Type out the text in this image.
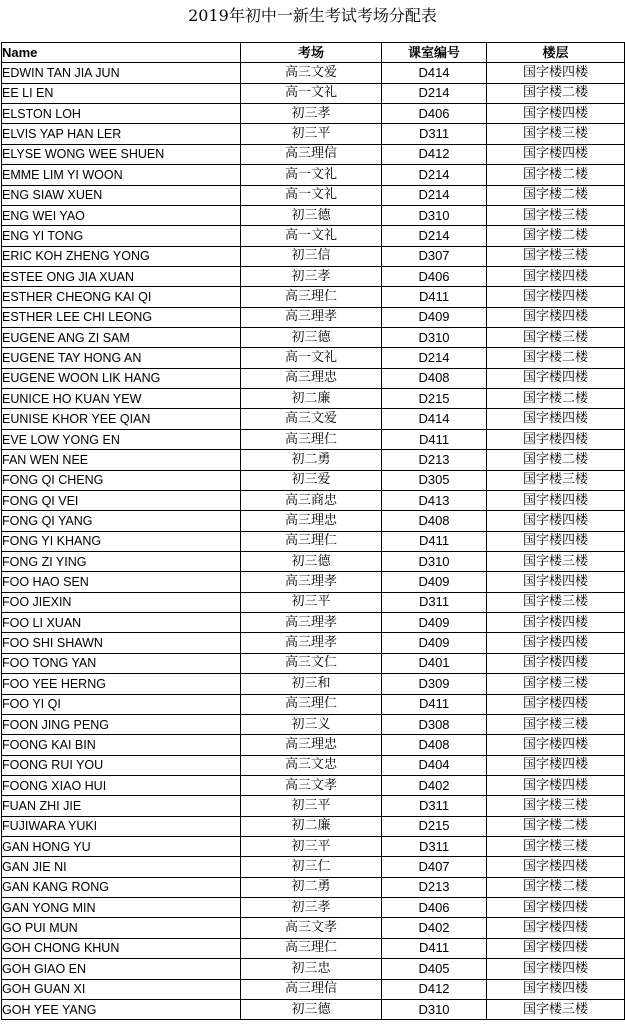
2019年初中一新生考试考场分配表
Name	考场	课室编号	楼层
EDWIN TAN JIA JUN	高三文爱	D414	国字楼四楼
EE LI EN	高一文礼	D214	国字楼二楼
ELSTON LOH	初三孝	D406	国字楼四楼
ELVIS YAP HAN LER	初三平	D311	国字楼三楼
ELYSE WONG WEE SHUEN	高三理信	D412	国字楼四楼
EMME LIM YI WOON	高一文礼	D214	国字楼二楼
ENG SIAW XUEN	高一文礼	D214	国字楼二楼
ENG WEI YAO	初三德	D310	国字楼三楼
ENG YI TONG	高一文礼	D214	国字楼二楼
ERIC KOH ZHENG YONG	初三信	D307	国字楼三楼
ESTEE ONG JIA XUAN	初三孝	D406	国字楼四楼
ESTHER CHEONG KAI QI	高三理仁	D411	国字楼四楼
ESTHER LEE CHI LEONG	高三理孝	D409	国字楼四楼
EUGENE ANG ZI SAM	初三德	D310	国字楼三楼
EUGENE TAY HONG AN	高一文礼	D214	国字楼二楼
EUGENE WOON LIK HANG	高三理忠	D408	国字楼四楼
EUNICE HO KUAN YEW	初二廉	D215	国字楼二楼
EUNISE KHOR YEE QIAN	高三文爱	D414	国字楼四楼
EVE LOW YONG EN	高三理仁	D411	国字楼四楼
FAN WEN NEE	初二勇	D213	国字楼二楼
FONG QI CHENG	初三爱	D305	国字楼三楼
FONG QI VEI	高三商忠	D413	国字楼四楼
FONG QI YANG	高三理忠	D408	国字楼四楼
FONG YI KHANG	高三理仁	D411	国字楼四楼
FONG ZI YING	初三德	D310	国字楼三楼
FOO HAO SEN	高三理孝	D409	国字楼四楼
FOO JIEXIN	初三平	D311	国字楼三楼
FOO LI XUAN	高三理孝	D409	国字楼四楼
FOO SHI SHAWN	高三理孝	D409	国字楼四楼
FOO TONG YAN	高三文仁	D401	国字楼四楼
FOO YEE HERNG	初三和	D309	国字楼三楼
FOO YI QI	高三理仁	D411	国字楼四楼
FOON JING PENG	初三义	D308	国字楼三楼
FOONG KAI BIN	高三理忠	D408	国字楼四楼
FOONG RUI YOU	高三文忠	D404	国字楼四楼
FOONG XIAO HUI	高三文孝	D402	国字楼四楼
FUAN ZHI JIE	初三平	D311	国字楼三楼
FUJIWARA YUKI	初二廉	D215	国字楼二楼
GAN HONG YU	初三平	D311	国字楼三楼
GAN JIE NI	初三仁	D407	国字楼四楼
GAN KANG RONG	初二勇	D213	国字楼二楼
GAN YONG MIN	初三孝	D406	国字楼四楼
GO PUI MUN	高三文孝	D402	国字楼四楼
GOH CHONG KHUN	高三理仁	D411	国字楼四楼
GOH GIAO EN	初三忠	D405	国字楼四楼
GOH GUAN XI	高三理信	D412	国字楼四楼
GOH YEE YANG	初三德	D310	国字楼三楼
